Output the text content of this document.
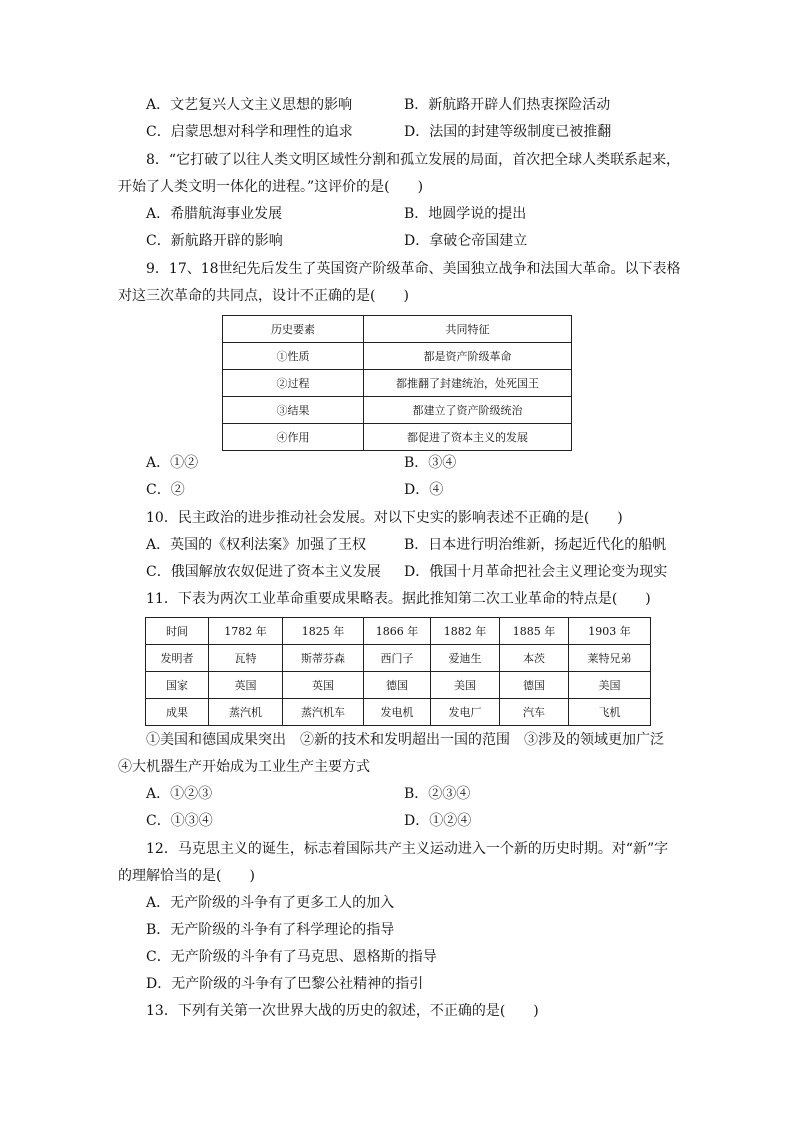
A．文艺复兴人文主义思想的影响	B．新航路开辟人们热衷探险活动
C．启蒙思想对科学和理性的追求	D．法国的封建等级制度已被推翻
8．“它打破了以往人类文明区域性分割和孤立发展的局面，首次把全球人类联系起来，
开始了人类文明一体化的进程。”这评价的是(　　)
A．希腊航海事业发展	B．地圆学说的提出
C．新航路开辟的影响	D．拿破仑帝国建立
9．17、18世纪先后发生了英国资产阶级革命、美国独立战争和法国大革命。以下表格
对这三次革命的共同点，设计不正确的是(　　)
历史要素	共同特征
①性质	都是资产阶级革命
②过程	都推翻了封建统治，处死国王
③结果	都建立了资产阶级统治
④作用	都促进了资本主义的发展
A．①②	B．③④
C．②	D．④
10．民主政治的进步推动社会发展。对以下史实的影响表述不正确的是(　　)
A．英国的《权利法案》加强了王权	B．日本进行明治维新，扬起近代化的船帆
C．俄国解放农奴促进了资本主义发展 D．俄国十月革命把社会主义理论变为现实
11．下表为两次工业革命重要成果略表。据此推知第二次工业革命的特点是(　　)
时间	1782 年	1825 年	1866 年	1882 年	1885 年	1903 年
发明者	瓦特	斯蒂芬森	西门子	爱迪生	本茨	莱特兄弟
国家	英国	英国	德国	美国	德国	美国
成果	蒸汽机	蒸汽机车	发电机	发电厂	汽车	飞机
①美国和德国成果突出　②新的技术和发明超出一国的范围　③涉及的领域更加广泛
④大机器生产开始成为工业生产主要方式
A．①②③	B．②③④
C．①③④	D．①②④
12．马克思主义的诞生，标志着国际共产主义运动进入一个新的历史时期。对“新”字
的理解恰当的是(　　)
A．无产阶级的斗争有了更多工人的加入
B．无产阶级的斗争有了科学理论的指导
C．无产阶级的斗争有了马克思、恩格斯的指导
D．无产阶级的斗争有了巴黎公社精神的指引
13．下列有关第一次世界大战的历史的叙述，不正确的是(　　)
